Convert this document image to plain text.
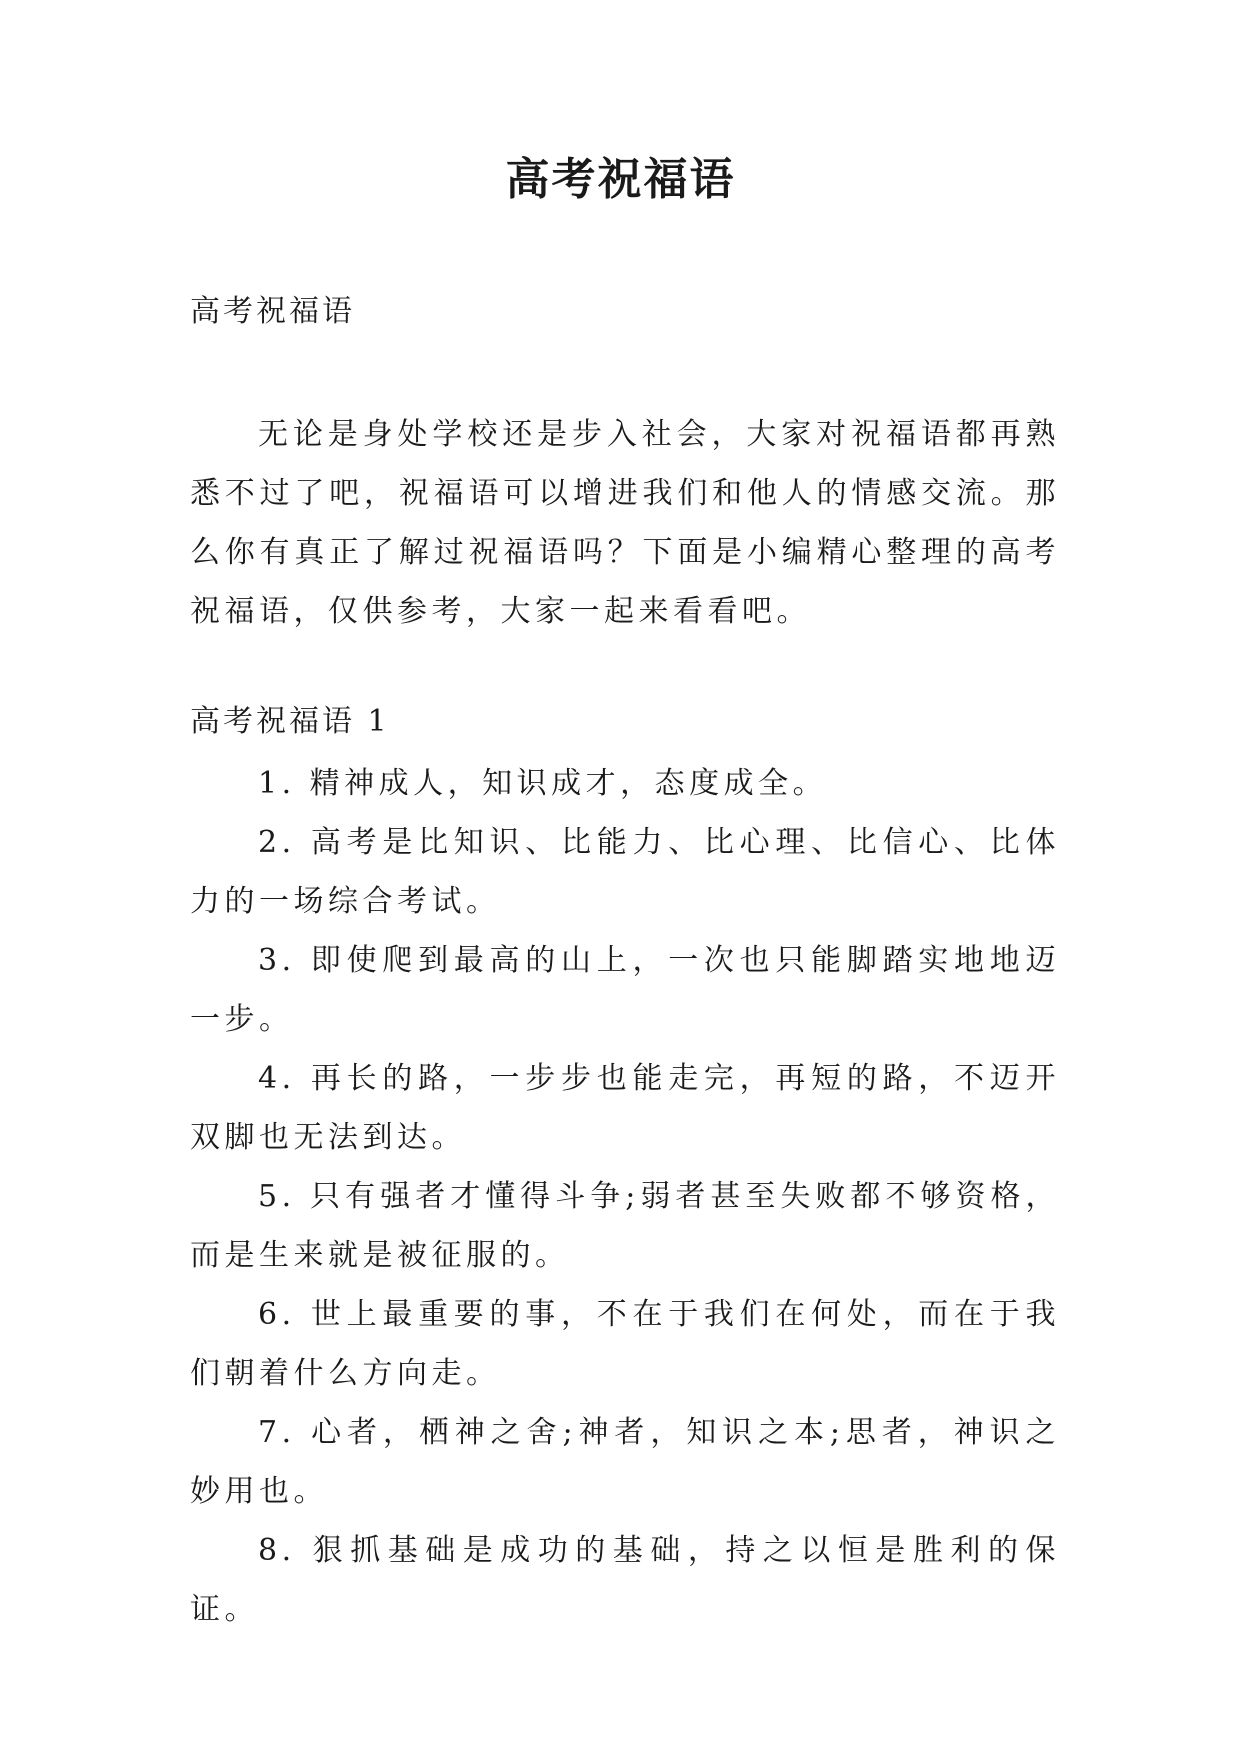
高考祝福语
高考祝福语
无论是身处学校还是步入社会，大家对祝福语都再熟悉不过了吧，祝福语可以增进我们和他人的情感交流。那么你有真正了解过祝福语吗？下面是小编精心整理的高考祝福语，仅供参考，大家一起来看看吧。
高考祝福语 1
1. 精神成人，知识成才，态度成全。
2. 高考是比知识、比能力、比心理、比信心、比体力的一场综合考试。
3. 即使爬到最高的山上，一次也只能脚踏实地地迈一步。
4. 再长的路，一步步也能走完，再短的路，不迈开双脚也无法到达。
5. 只有强者才懂得斗争;弱者甚至失败都不够资格，而是生来就是被征服的。
6. 世上最重要的事，不在于我们在何处，而在于我们朝着什么方向走。
7. 心者，栖神之舍;神者，知识之本;思者，神识之妙用也。
8. 狠抓基础是成功的基础，持之以恒是胜利的保证。
